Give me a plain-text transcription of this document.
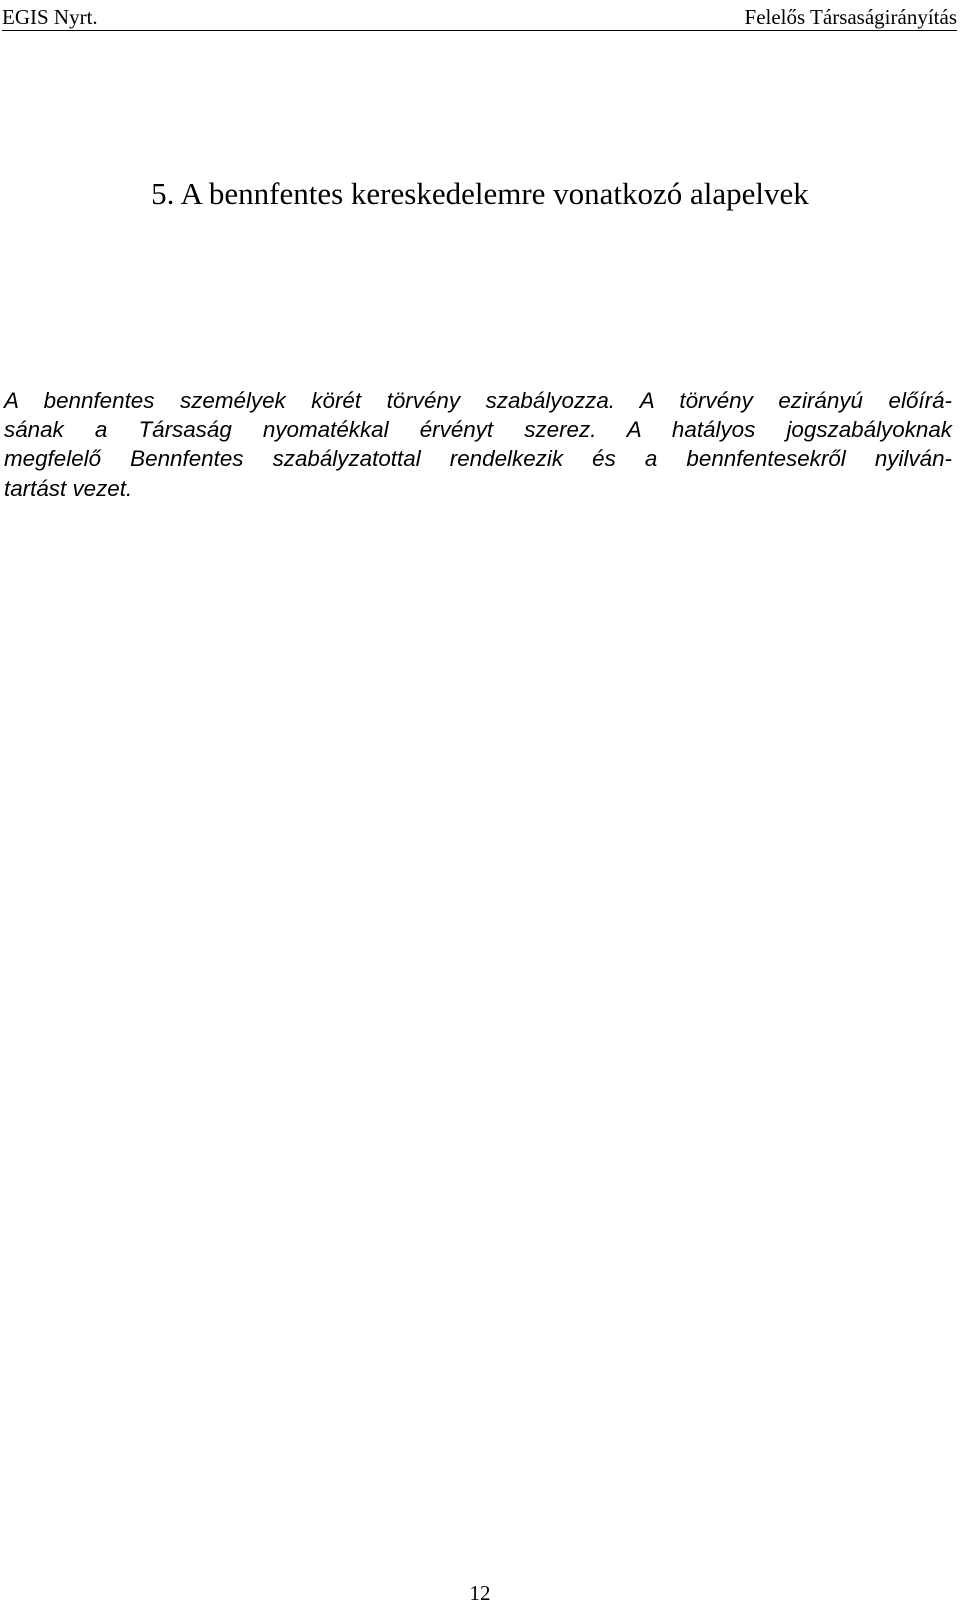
EGIS Nyrt.	Felelős Társaságirányítás
5. A bennfentes kereskedelemre vonatkozó alapelvek

A bennfentes személyek körét törvény szabályozza. A törvény ezirányú előírá-
sának a Társaság nyomatékkal érvényt szerez. A hatályos jogszabályoknak
megfelelő Bennfentes szabályzatottal rendelkezik és a bennfentesekről nyilván-
tartást vezet.

12
